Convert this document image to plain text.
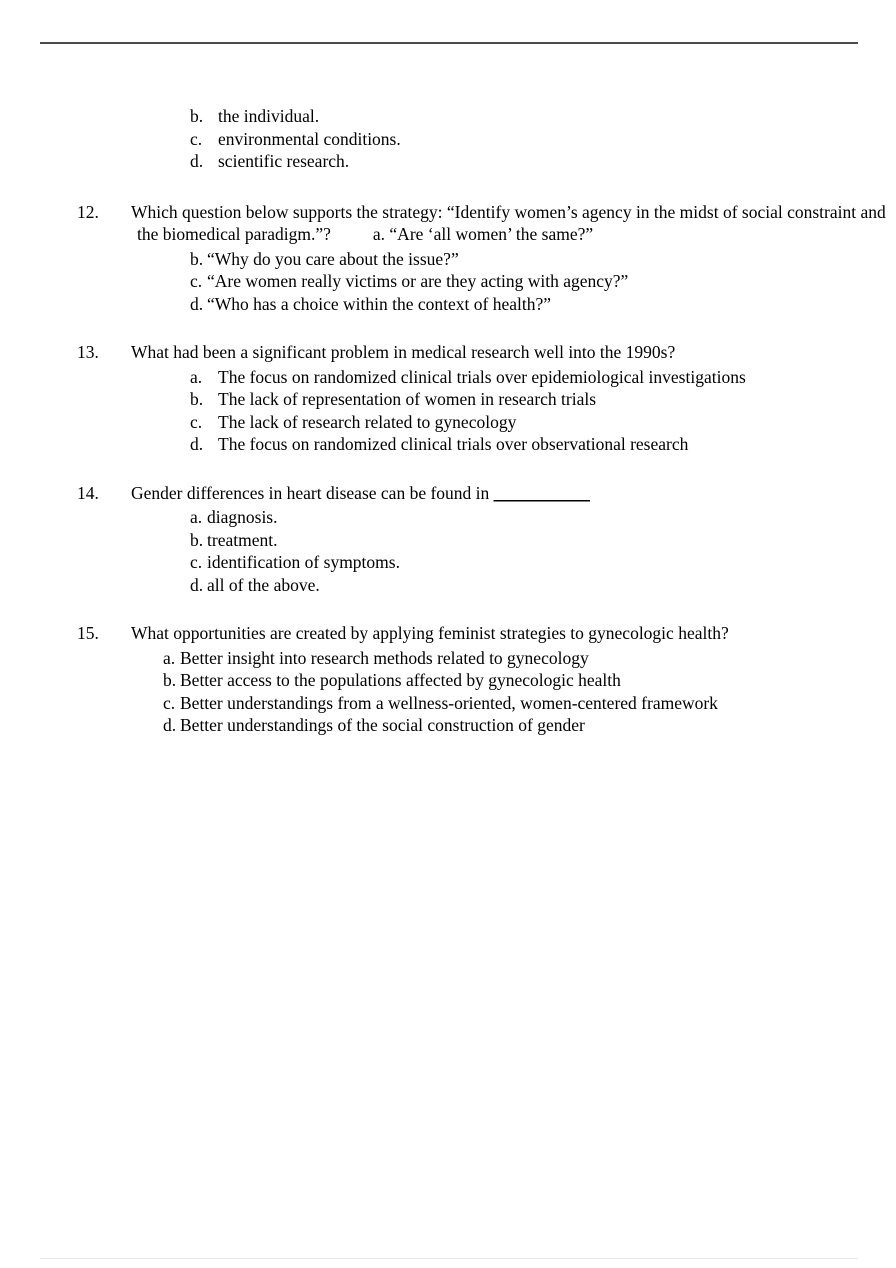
b. the individual.
c. environmental conditions.
d. scientific research.
12. Which question below supports the strategy: “Identify women’s agency in the midst of social constraint and the biomedical paradigm.”? a. “Are ‘all women’ the same?”
b. “Why do you care about the issue?”
c. “Are women really victims or are they acting with agency?”
d. “Who has a choice within the context of health?”
13. What had been a significant problem in medical research well into the 1990s?
a. The focus on randomized clinical trials over epidemiological investigations
b. The lack of representation of women in research trials
c. The lack of research related to gynecology
d. The focus on randomized clinical trials over observational research
14. Gender differences in heart disease can be found in ___________
a. diagnosis.
b. treatment.
c. identification of symptoms.
d. all of the above.
15. What opportunities are created by applying feminist strategies to gynecologic health?
a. Better insight into research methods related to gynecology
b. Better access to the populations affected by gynecologic health
c. Better understandings from a wellness-oriented, women-centered framework
d. Better understandings of the social construction of gender
